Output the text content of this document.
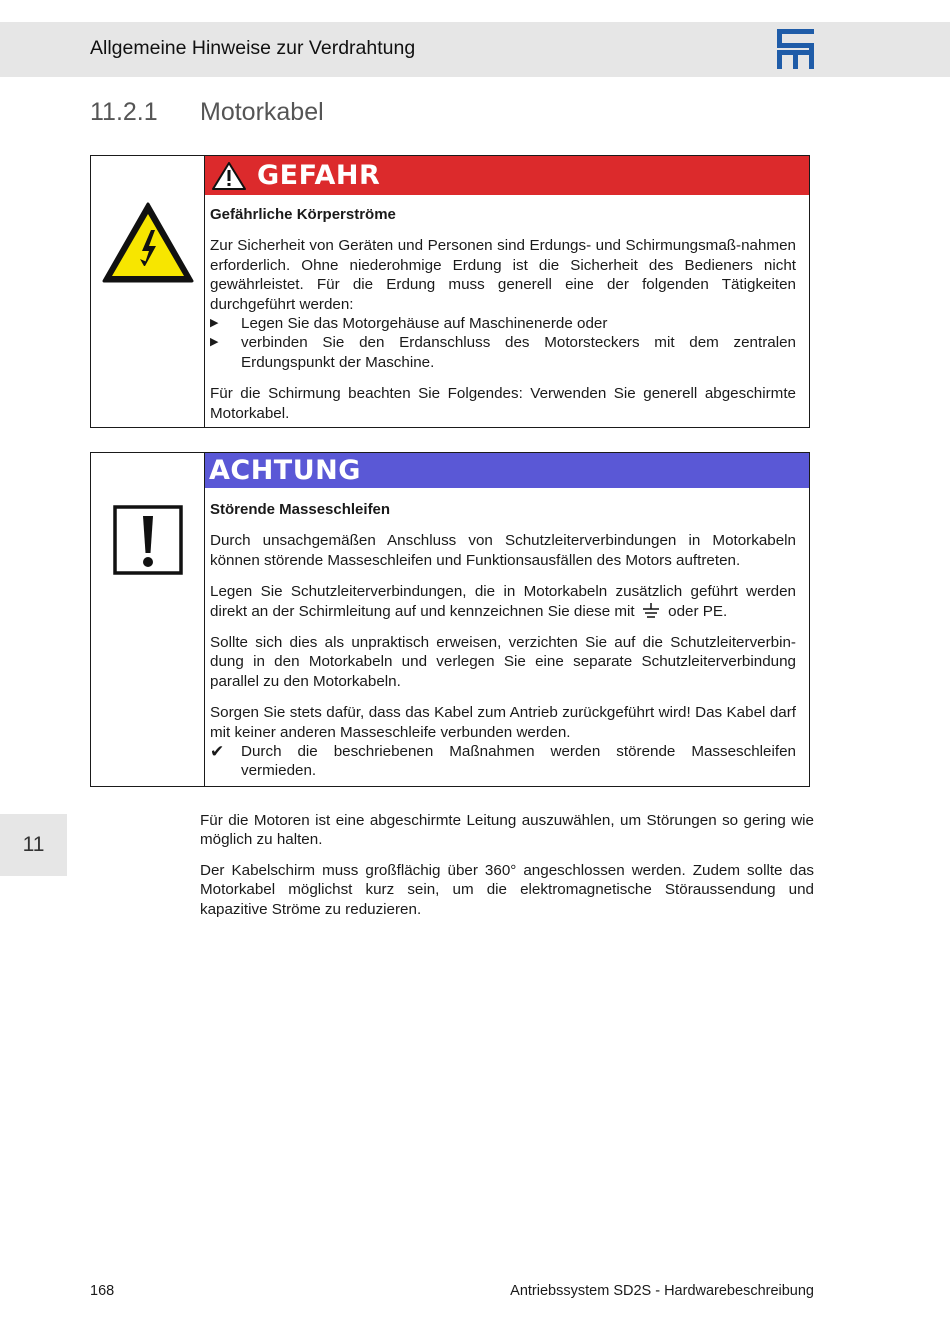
Allgemeine Hinweise zur Verdrahtung
11.2.1 Motorkabel
GEFAHR
Gefährliche Körperströme

Zur Sicherheit von Geräten und Personen sind Erdungs- und Schirmungsmaß-nahmen erforderlich. Ohne niederohmige Erdung ist die Sicherheit des Bedieners nicht gewährleistet. Für die Erdung muss generell eine der folgenden Tätigkeiten durchgeführt werden:

▶ Legen Sie das Motorgehäuse auf Maschinenerde oder
▶ verbinden Sie den Erdanschluss des Motorsteckers mit dem zentralen Erdungspunkt der Maschine.

Für die Schirmung beachten Sie Folgendes: Verwenden Sie generell abgeschirmte Motorkabel.

ACHTUNG
Störende Masseschleifen

Durch unsachgemäßen Anschluss von Schutzleiterverbindungen in Motorkabeln können störende Masseschleifen und Funktionsausfällen des Motors auftreten.

Legen Sie Schutzleiterverbindungen, die in Motorkabeln zusätzlich geführt werden direkt an der Schirmleitung auf und kennzeichnen Sie diese mit oder PE.

Sollte sich dies als unpraktisch erweisen, verzichten Sie auf die Schutzleiterverbin-dung in den Motorkabeln und verlegen Sie eine separate Schutzleiterverbindung parallel zu den Motorkabeln.

Sorgen Sie stets dafür, dass das Kabel zum Antrieb zurückgeführt wird! Das Kabel darf mit keiner anderen Masseschleife verbunden werden.

✔ Durch die beschriebenen Maßnahmen werden störende Masseschleifen vermieden.
11

Für die Motoren ist eine abgeschirmte Leitung auszuwählen, um Störungen so gering wie möglich zu halten.

Der Kabelschirm muss großflächig über 360° angeschlossen werden. Zudem sollte das Motorkabel möglichst kurz sein, um die elektromagnetische Störaussendung und kapazitive Ströme zu reduzieren.

168	Antriebssystem SD2S - Hardwarebeschreibung
